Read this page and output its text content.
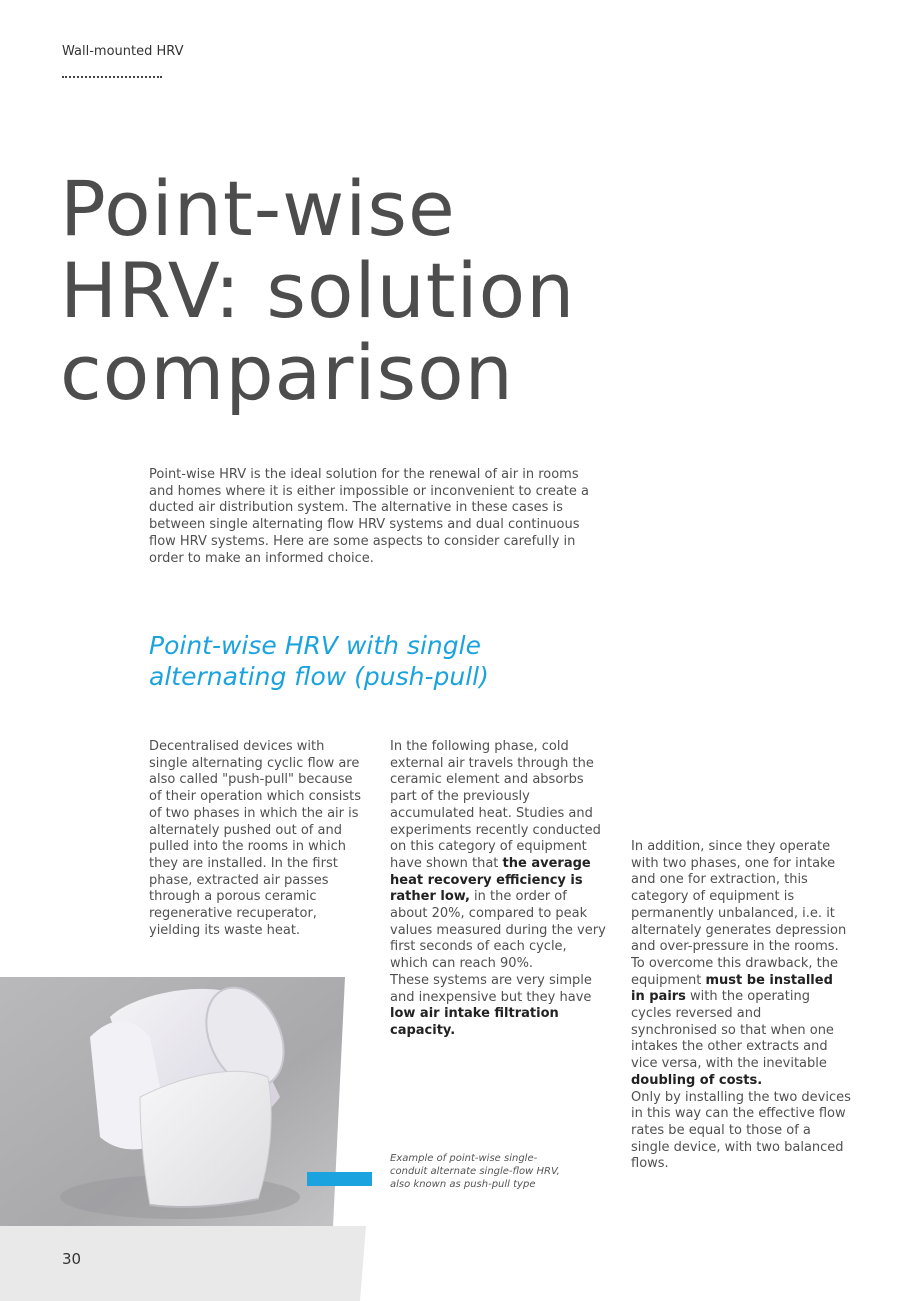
Wall-mounted HRV
Point-wise
HRV: solution
comparison
Point-wise HRV is the ideal solution for the renewal of air in rooms and homes where it is either impossible or inconvenient to create a ducted air distribution system. The alternative in these cases is between single alternating flow HRV systems and dual continuous flow HRV systems. Here are some aspects to consider carefully in order to make an informed choice.
Point-wise HRV with single
alternating flow (push-pull)

Decentralised devices with single alternating cyclic flow are also called "push-pull" because of their operation which consists of two phases in which the air is alternately pushed out of and pulled into the rooms in which they are installed. In the first phase, extracted air passes through a porous ceramic regenerative recuperator, yielding its waste heat.

In the following phase, cold external air travels through the ceramic element and absorbs part of the previously accumulated heat. Studies and experiments recently conducted on this category of equipment have shown that the average heat recovery efficiency is rather low, in the order of about 20%, compared to peak values measured during the very first seconds of each cycle, which can reach 90%.

These systems are very simple and inexpensive but they have low air intake filtration capacity.

In addition, since they operate with two phases, one for intake and one for extraction, this category of equipment is permanently unbalanced, i.e. it alternately generates depression and over-pressure in the rooms.

To overcome this drawback, the equipment must be installed in pairs with the operating cycles reversed and synchronised so that when one intakes the other extracts and vice versa, with the inevitable doubling of costs.

Only by installing the two devices in this way can the effective flow rates be equal to those of a single device, with two balanced flows.

Example of point-wise single-
conduit alternate single-flow HRV,
also known as push-pull type
30
